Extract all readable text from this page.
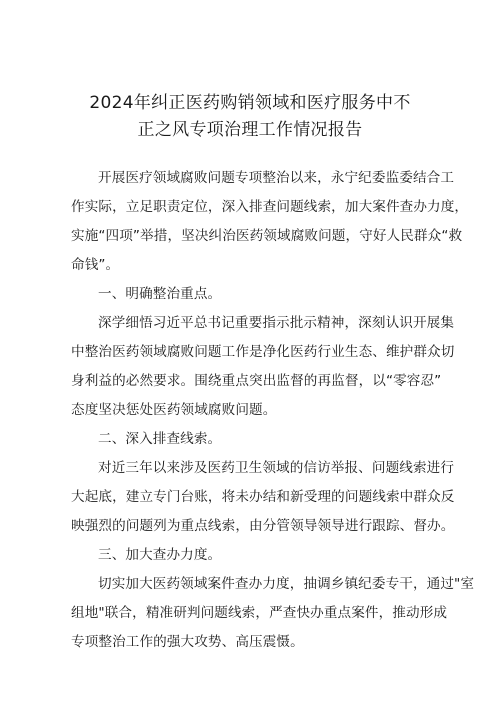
2024年纠正医药购销领域和医疗服务中不
正之风专项治理工作情况报告
开展医疗领域腐败问题专项整治以来，永宁纪委监委结合工
作实际，立足职责定位，深入排查问题线索，加大案件查办力度，
实施“四项”举措，坚决纠治医药领域腐败问题，守好人民群众“救
命钱”。
一、明确整治重点。
深学细悟习近平总书记重要指示批示精神，深刻认识开展集
中整治医药领域腐败问题工作是净化医药行业生态、维护群众切
身利益的必然要求。围绕重点突出监督的再监督，以“零容忍”
态度坚决惩处医药领域腐败问题。
二、深入排查线索。
对近三年以来涉及医药卫生领域的信访举报、问题线索进行
大起底，建立专门台账，将未办结和新受理的问题线索中群众反
映强烈的问题列为重点线索，由分管领导领导进行跟踪、督办。
三、加大查办力度。
切实加大医药领域案件查办力度，抽调乡镇纪委专干，通过"室
组地"联合，精准研判问题线索，严查快办重点案件，推动形成
专项整治工作的强大攻势、高压震慑。
